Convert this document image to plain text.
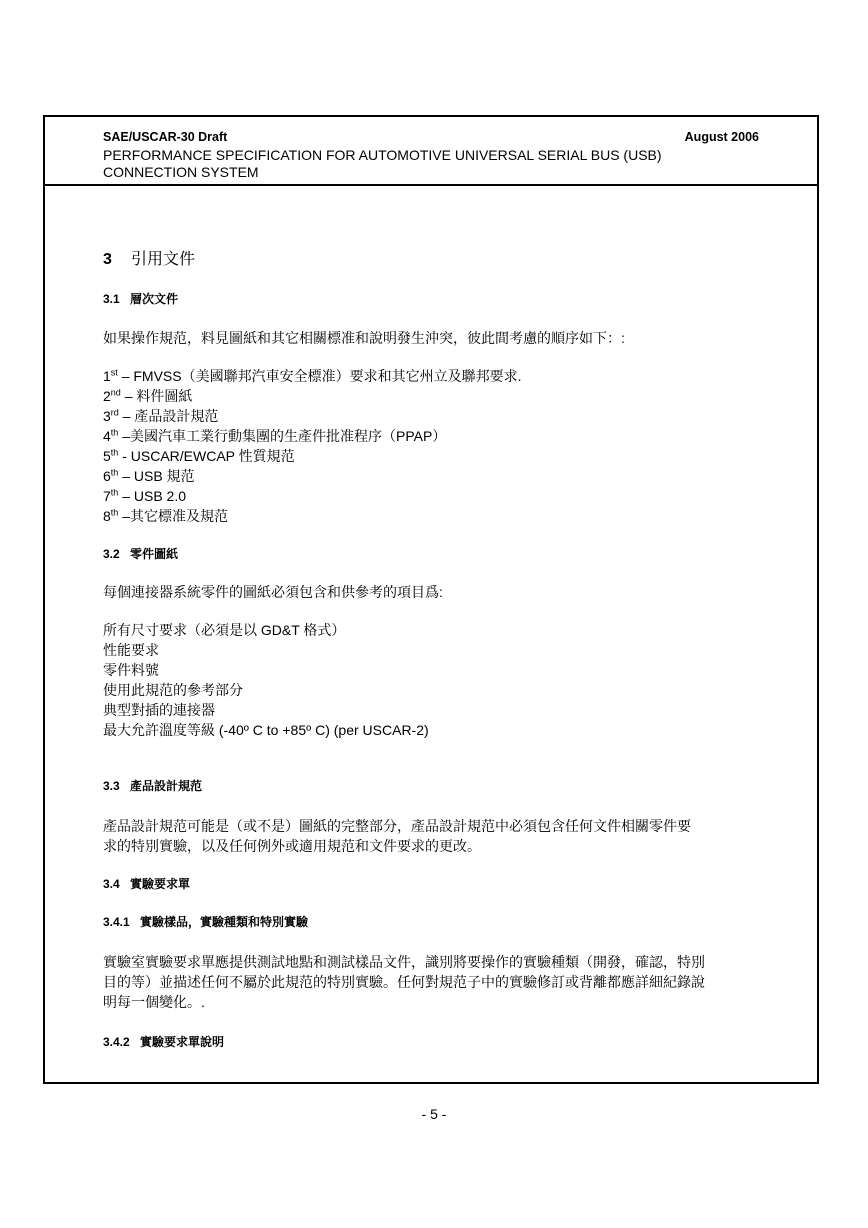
SAE/USCAR-30 Draft	August 2006
PERFORMANCE SPECIFICATION FOR AUTOMOTIVE UNIVERSAL SERIAL BUS (USB)
CONNECTION SYSTEM
3 引用文件
3.1 層次文件
如果操作規范，料見圖紙和其它相關標准和說明發生沖突，彼此間考慮的順序如下：:
1st – FMVSS（美國聯邦汽車安全標准）要求和其它州立及聯邦要求.
2nd – 料件圖紙
3rd – 產品設計規范
4th –美國汽車工業行動集團的生產件批准程序（PPAP）
5th - USCAR/EWCAP 性質規范
6th – USB 規范
7th – USB 2.0
8th –其它標准及規范
3.2 零件圖紙
每個連接器系統零件的圖紙必須包含和供參考的項目爲:
所有尺寸要求（必須是以 GD&T 格式）
性能要求
零件料號
使用此規范的參考部分
典型對插的連接器
最大允許溫度等級 (-40º C to +85º C) (per USCAR-2)
3.3 產品設計規范
產品設計規范可能是（或不是）圖紙的完整部分，產品設計規范中必須包含任何文件相關零件要
求的特別實驗，以及任何例外或適用規范和文件要求的更改。
3.4 實驗要求單
3.4.1 實驗樣品，實驗種類和特別實驗
實驗室實驗要求單應提供測試地點和測試樣品文件，識別將要操作的實驗種類（開發，確認，特別
目的等）並描述任何不屬於此規范的特別實驗。任何對規范子中的實驗修訂或背離都應詳細紀錄說
明每一個變化。.
3.4.2 實驗要求單說明
- 5 -
